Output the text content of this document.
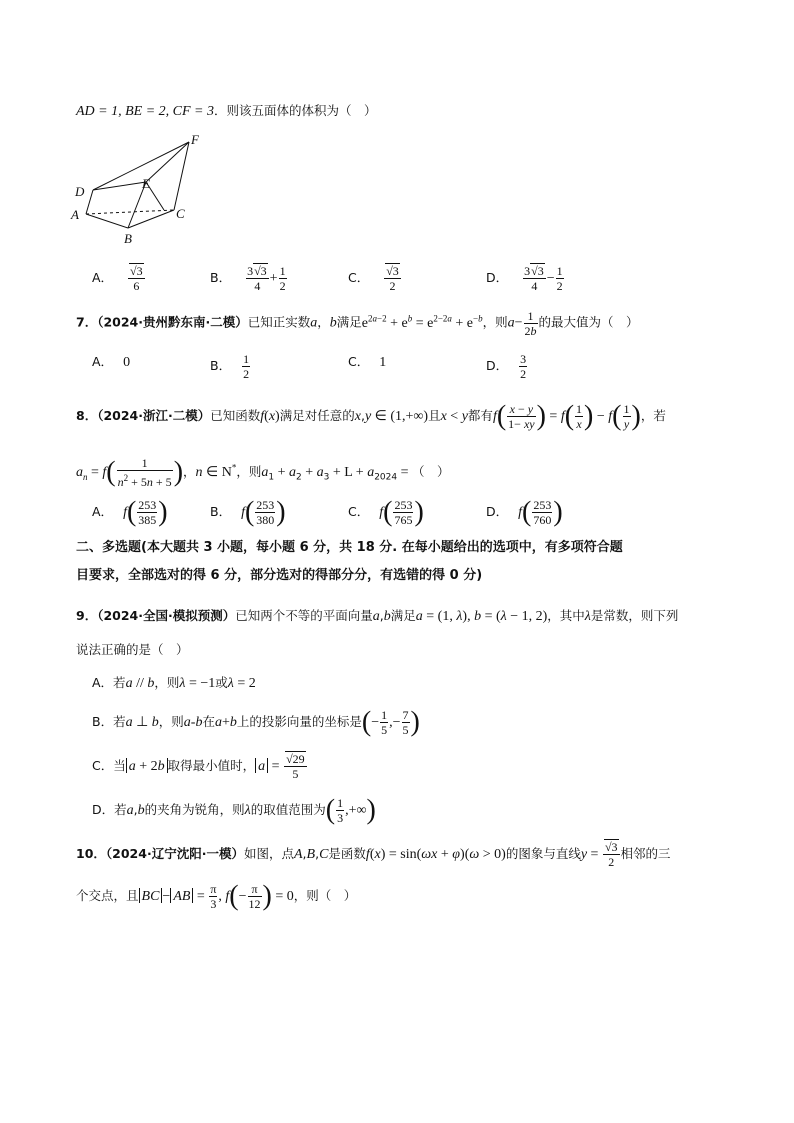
AD = 1, BE = 2, CF = 3．则该五面体的体积为（　）
F
E
D
A
B
C
A． $\frac{√3}{6}$	B． $\frac{3√3}{4} + \frac{1}{2}$	C． $\frac{√3}{2}$	D． $\frac{3√3}{4} - \frac{1}{2}$
7．（2024·贵州黔东南·二模）已知正实数a，b满足$e^{2a-2} + e^b = e^{2-2a} + e^{-b}$，则$a- \frac{1}{2b}$ 的最大值为（　）
A． 0	B． $\frac{1}{2}$	C． 1	D． $\frac{3}{2}$
8．（2024·浙江·二模）已知函数f(x)满足对任意的x,y ∈ (1,+∞)且x < y都有$f( \frac{x - y}{1- xy}$ ) = $f( \frac{1}{x}$ ) − $f( \frac{1}{y}$ )，若
$a_n = f( \frac{1}{n^2 + 5n + 5}$ )，n ∈ N*，则$a_1 + a_2 + a_3 + L + a_{2024}$ = （　）
A． $f( \frac{253}{385}$ )	B． $f( \frac{253}{380}$ )	C． $f( \frac{253}{765}$ )	D． $f( \frac{253}{760}$ )
二、多选题(本大题共 3 小题，每小题 6 分，共 18 分. 在每小题给出的选项中，有多项符合题
目要求，全部选对的得 6 分，部分选对的得部分分，有选错的得 0 分)
9．（2024·全国·模拟预测）已知两个不等的平面向量a,b满足a = (1, λ), b = (λ − 1, 2)，其中λ是常数，则下列
说法正确的是（　）
A．若a // b，则λ = −1或λ = 2
B．若a ⊥ b，则a-b在a+b上的投影向量的坐标是(− $\frac{1}{5}$ ,− $\frac{7}{5}$ )
C．当 a + 2b 取得最小值时， $a = \frac{√29}{5}$
D．若a,b的夹角为锐角，则λ的取值范围为( $\frac{1}{3}$ ,+∞)
10．（2024·辽宁沈阳·一模）如图，点A,B,C是函数f(x) = sin(ωx + φ)(ω > 0)的图象与直线$y = \frac{√3}{2}$ 相邻的三
个交点，且 BC − AB = $\frac{\pi}{3}$ , $f(- \frac{\pi}{12}$ ) = 0，则（　）
